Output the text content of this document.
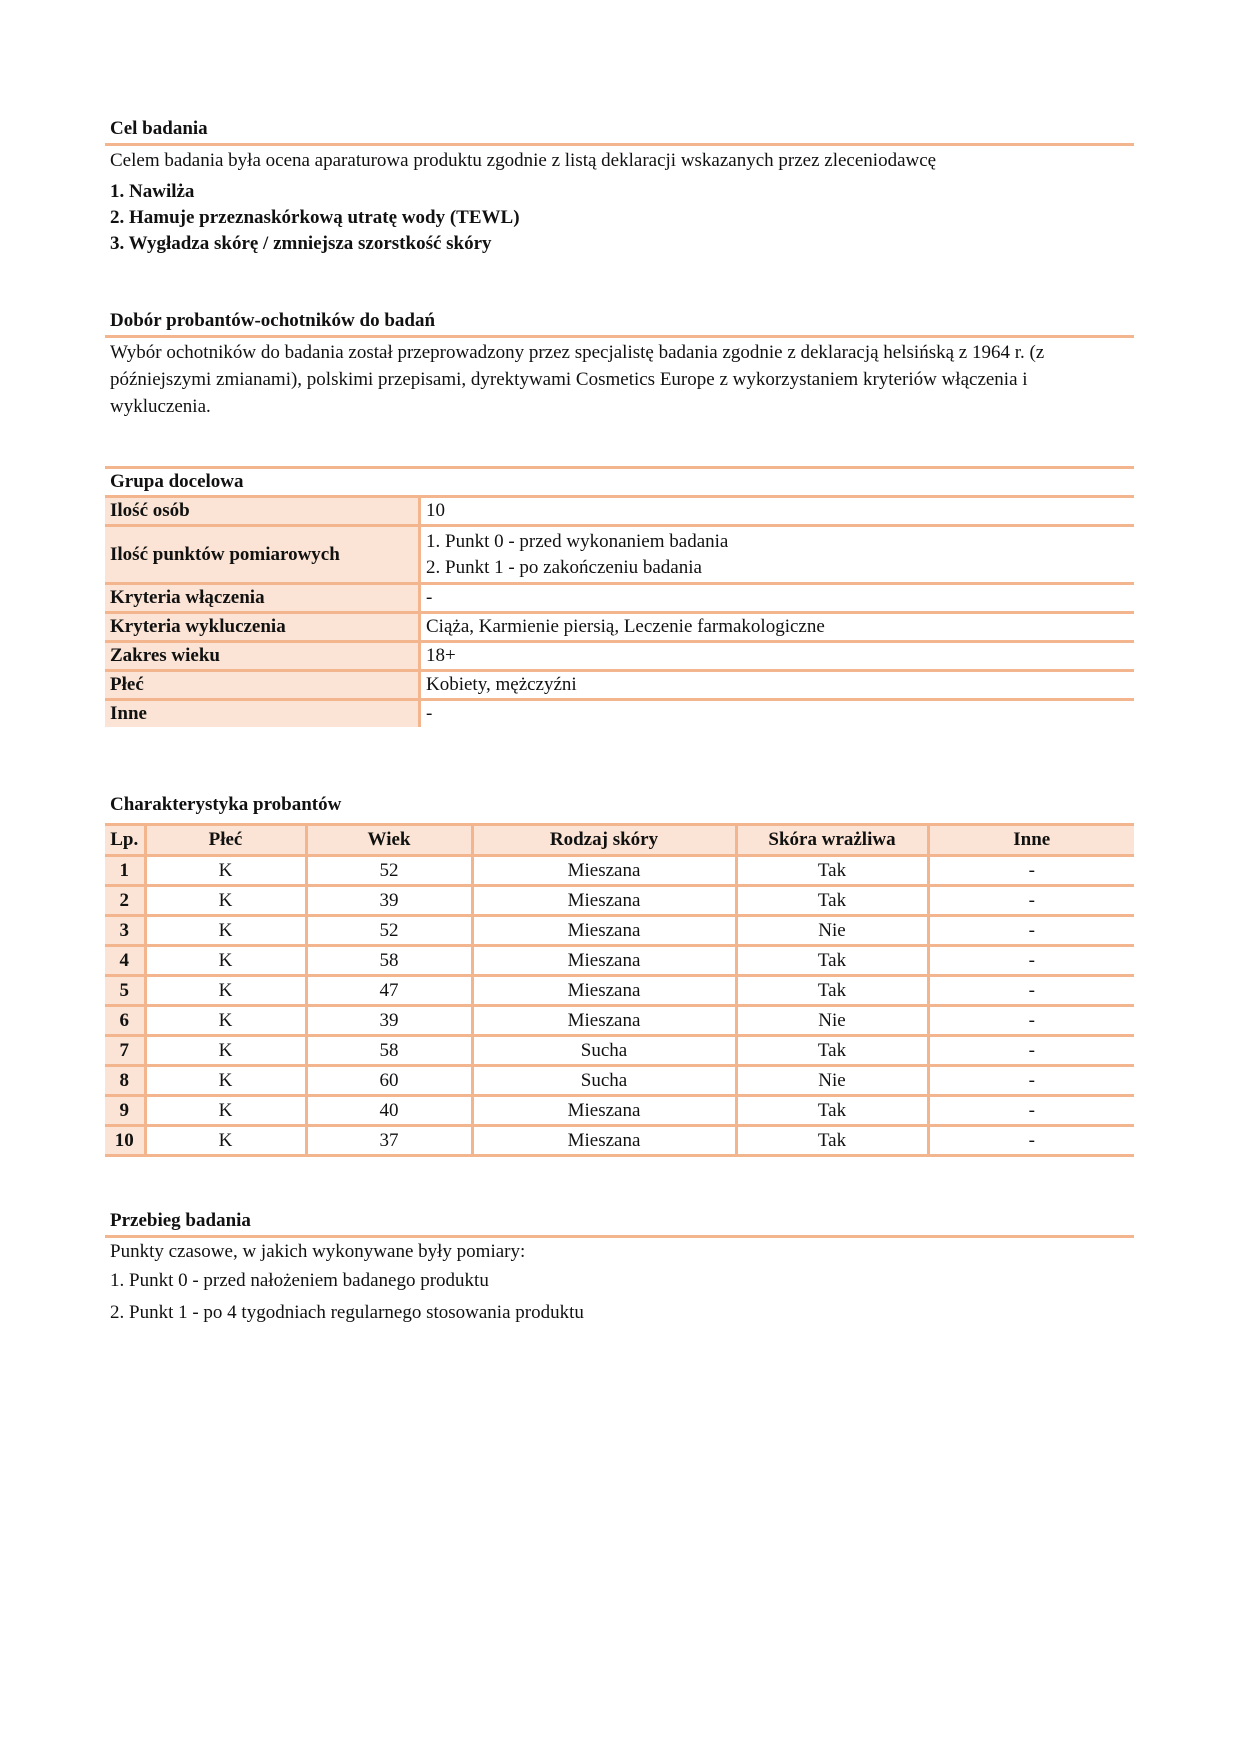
Cel badania

Celem badania była ocena aparaturowa produktu zgodnie z listą deklaracji wskazanych przez zleceniodawcę

1. Nawilża

2. Hamuje przeznaskórkową utratę wody (TEWL)

3. Wygładza skórę / zmniejsza szorstkość skóry

Dobór probantów-ochotników do badań

Wybór ochotników do badania został przeprowadzony przez specjalistę badania zgodnie z deklaracją helsińską z 1964 r. (z późniejszymi zmianami), polskimi przepisami, dyrektywami Cosmetics Europe z wykorzystaniem kryteriów włączenia i wykluczenia.

Grupa docelowa	
Ilość osób	10
Ilość punktów pomiarowych	1. Punkt 0 - przed wykonaniem badania
2. Punkt 1 - po zakończeniu badania

Kryteria włączenia	-
Kryteria wykluczenia	Ciąża, Karmienie piersią, Leczenie farmakologiczne
Zakres wieku	18+
Płeć	Kobiety, mężczyźni
Inne	-

Charakterystyka probantów

Lp.	Płeć	Wiek	Rodzaj skóry	Skóra wrażliwa	Inne
1	K	52	Mieszana	Tak	-
2	K	39	Mieszana	Tak	-
3	K	52	Mieszana	Nie	-
4	K	58	Mieszana	Tak	-
5	K	47	Mieszana	Tak	-
6	K	39	Mieszana	Nie	-
7	K	58	Sucha	Tak	-
8	K	60	Sucha	Nie	-
9	K	40	Mieszana	Tak	-
10	K	37	Mieszana	Tak	-

Przebieg badania

Punkty czasowe, w jakich wykonywane były pomiary:

1. Punkt 0 - przed nałożeniem badanego produktu

2. Punkt 1 - po 4 tygodniach regularnego stosowania produktu
